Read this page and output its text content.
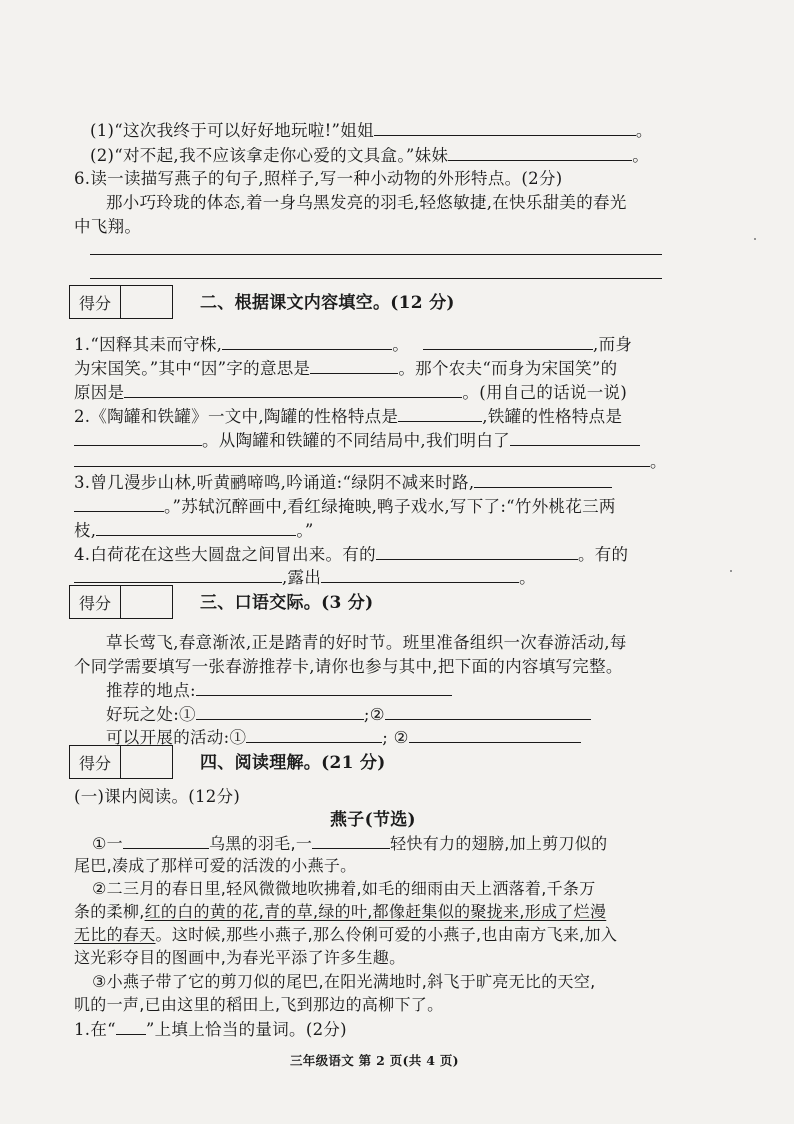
(1)“这次我终于可以好好地玩啦!”姐姐	。
(2)“对不起,我不应该拿走你心爱的文具盒。”妹妹	。
6.读一读描写燕子的句子,照样子,写一种小动物的外形特点。(2分)
那小巧玲珑的体态,着一身乌黑发亮的羽毛,轻悠敏捷,在快乐甜美的春光
中飞翔。
得分	二、根据课文内容填空。(12 分)
1.“因释其耒而守株,	。	,而身
为宋国笑。”其中“因”字的意思是	。那个农夫“而身为宋国笑”的
原因是	。(用自己的话说一说)
2.《陶罐和铁罐》一文中,陶罐的性格特点是	,铁罐的性格特点是
。从陶罐和铁罐的不同结局中,我们明白了
。
3.曾几漫步山林,听黄鹂啼鸣,吟诵道:“绿阴不减来时路,
。”苏轼沉醉画中,看红绿掩映,鸭子戏水,写下了:“竹外桃花三两
枝,	。”
4.白荷花在这些大圆盘之间冒出来。有的	。有的
,露出	。
得分	三、口语交际。(3 分)
草长莺飞,春意渐浓,正是踏青的好时节。班里准备组织一次春游活动,每
个同学需要填写一张春游推荐卡,请你也参与其中,把下面的内容填写完整。
推荐的地点:
好玩之处:①	;②
可以开展的活动:①	; ②
得分	四、阅读理解。(21 分)
(一)课内阅读。(12分)
燕子(节选)
①一	乌黑的羽毛,一	轻快有力的翅膀,加上剪刀似的
尾巴,凑成了那样可爱的活泼的小燕子。
②二三月的春日里,轻风微微地吹拂着,如毛的细雨由天上洒落着,千条万
条的柔柳,红的白的黄的花,青的草,绿的叶,都像赶集似的聚拢来,形成了烂漫
无比的春天。这时候,那些小燕子,那么伶俐可爱的小燕子,也由南方飞来,加入
这光彩夺目的图画中,为春光平添了许多生趣。
③小燕子带了它的剪刀似的尾巴,在阳光满地时,斜飞于旷亮无比的天空,
叽的一声,已由这里的稻田上,飞到那边的高柳下了。
1.在“ ”上填上恰当的量词。(2分)
三年级语文 第 2 页(共 4 页)
